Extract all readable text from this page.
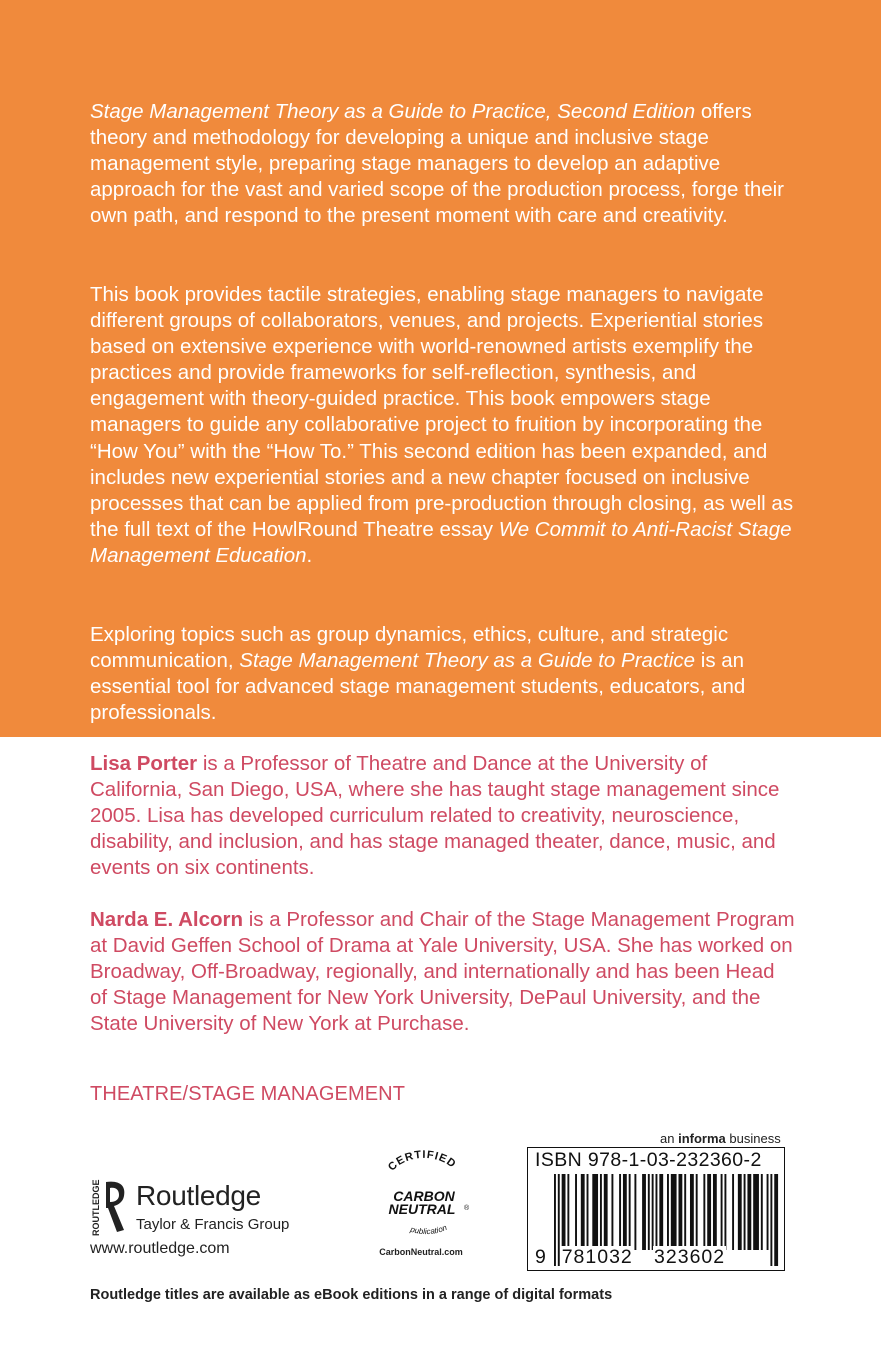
Stage Management Theory as a Guide to Practice, Second Edition offers theory and methodology for developing a unique and inclusive stage management style, preparing stage managers to develop an adaptive approach for the vast and varied scope of the production process, forge their own path, and respond to the present moment with care and creativity.

This book provides tactile strategies, enabling stage managers to navigate different groups of collaborators, venues, and projects. Experiential stories based on extensive experience with world-renowned artists exemplify the practices and provide frameworks for self-reflection, synthesis, and engagement with theory-guided practice. This book empowers stage managers to guide any collaborative project to fruition by incorporating the “How You” with the “How To.” This second edition has been expanded, and includes new experiential stories and a new chapter focused on inclusive processes that can be applied from pre-production through closing, as well as the full text of the HowlRound Theatre essay We Commit to Anti-Racist Stage Management Education.

Exploring topics such as group dynamics, ethics, culture, and strategic communication, Stage Management Theory as a Guide to Practice is an essential tool for advanced stage management students, educators, and professionals.

Lisa Porter is a Professor of Theatre and Dance at the University of California, San Diego, USA, where she has taught stage management since 2005. Lisa has developed curriculum related to creativity, neuroscience, disability, and inclusion, and has stage managed theater, dance, music, and events on six continents.

Narda E. Alcorn is a Professor and Chair of the Stage Management Program at David Geffen School of Drama at Yale University, USA. She has worked on Broadway, Off-Broadway, regionally, and internationally and has been Head of Stage Management for New York University, DePaul University, and the State University of New York at Purchase.

THEATRE/STAGE MANAGEMENT
ROUTLEDGE Routledge
Taylor & Francis Group
www.routledge.com
CERTIFIED
CARBON
NEUTRAL ®
publication
CarbonNeutral.com
an informa business
ISBN 978-1-03-232360-2
9 781032 323602
Routledge titles are available as eBook editions in a range of digital formats
